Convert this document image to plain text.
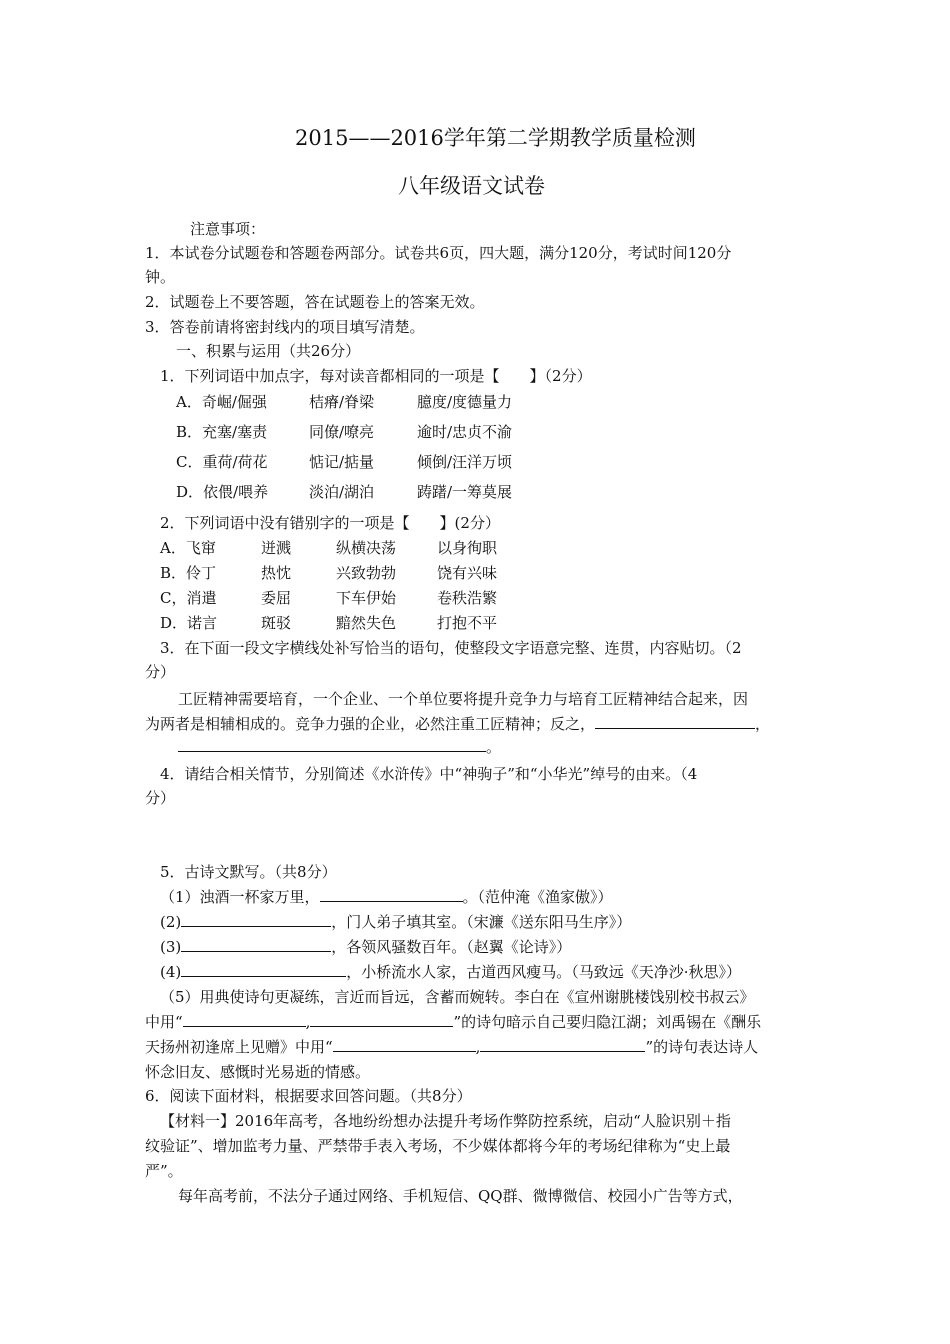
2015——2016学年第二学期教学质量检测
八年级语文试卷
注意事项：
1．本试卷分试题卷和答题卷两部分。试卷共6页，四大题，满分120分，考试时间120分
钟。
2．试题卷上不要答题，答在试题卷上的答案无效。
3．答卷前请将密封线内的项目填写清楚。
一、积累与运用（共26分）
1．下列词语中加点字，每对读音都相同的一项是【　　】（2分）
A．奇崛/倔强	桔瘠/脊梁	臆度/度德量力
B．充塞/塞责	同僚/嘹亮	逾时/忠贞不渝
C．重荷/荷花	惦记/掂量	倾倒/汪洋万顷
D．依偎/喂养	淡泊/湖泊	踌躇/一筹莫展
2．下列词语中没有错别字的一项是【　　】(2分）
A．飞窜	迸溅	纵横决荡	以身徇职
B．伶丁	热忱	兴致勃勃	饶有兴味
C，消遣	委屈	下车伊始	卷秩浩繁
D．诺言	斑驳	黯然失色	打抱不平
3．在下面一段文字横线处补写恰当的语句，使整段文字语意完整、连贯，内容贴切。（2
分）
工匠精神需要培育，一个企业、一个单位要将提升竞争力与培育工匠精神结合起来，因
为两者是相辅相成的。竞争力强的企业，必然注重工匠精神；反之，	，
。
4．请结合相关情节，分别简述《水浒传》中“神驹子”和“小华光”绰号的由来。（4
分）
5．古诗文默写。（共8分）
（1）浊酒一杯家万里，	。（范仲淹《渔家傲》）
(2)	，门人弟子填其室。（宋濂《送东阳马生序》）
(3)	，各领风骚数百年。（赵翼《论诗》）
(4)	，小桥流水人家，古道西风瘦马。（马致远《天净沙·秋思》）
（5）用典使诗句更凝练，言近而旨远，含蓄而婉转。李白在《宣州谢朓楼饯别校书叔云》
中用“	,	”的诗句暗示自己要归隐江湖；刘禹锡在《酬乐
天扬州初逢席上见赠》中用“	,	”的诗句表达诗人
怀念旧友、感慨时光易逝的情感。
6．阅读下面材料，根据要求回答问题。（共8分）
【材料一】2016年高考，各地纷纷想办法提升考场作弊防控系统，启动“人脸识别＋指
纹验证”、增加监考力量、严禁带手表入考场，不少媒体都将今年的考场纪律称为“史上最
严”。
每年高考前，不法分子通过网络、手机短信、QQ群、微博微信、校园小广告等方式，
